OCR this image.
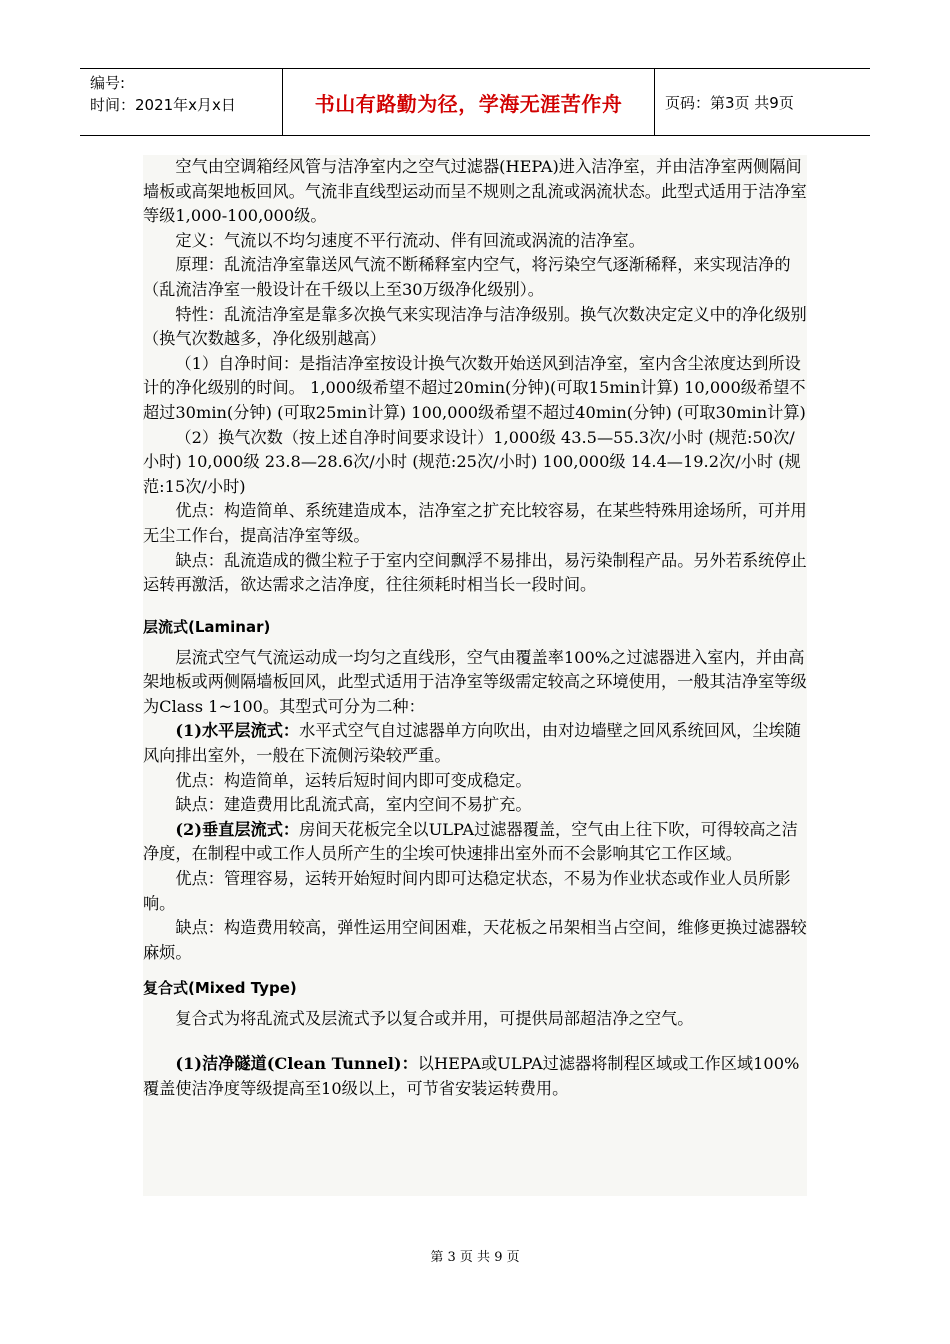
编号:
时间：2021年x月x日	书山有路勤为径，学海无涯苦作舟	页码：第3页 共9页

空气由空调箱经风管与洁净室内之空气过滤器(HEPA)进入洁净室，并由洁净室两侧隔间墙板或高架地板回风。气流非直线型运动而呈不规则之乱流或涡流状态。此型式适用于洁净室等级1,000-100,000级。

定义：气流以不均匀速度不平行流动、伴有回流或涡流的洁净室。

原理：乱流洁净室靠送风气流不断稀释室内空气，将污染空气逐渐稀释，来实现洁净的（乱流洁净室一般设计在千级以上至30万级净化级别）。

特性：乱流洁净室是靠多次换气来实现洁净与洁净级别。换气次数决定定义中的净化级别（换气次数越多，净化级别越高）

（1）自净时间：是指洁净室按设计换气次数开始送风到洁净室，室内含尘浓度达到所设计的净化级别的时间。 1,000级希望不超过20min(分钟)(可取15min计算) 10,000级希望不超过30min(分钟) (可取25min计算) 100,000级希望不超过40min(分钟) (可取30min计算)

（2）换气次数（按上述自净时间要求设计）1,000级 43.5—55.3次/小时 (规范:50次/小时) 10,000级 23.8—28.6次/小时 (规范:25次/小时) 100,000级 14.4—19.2次/小时 (规范:15次/小时)

优点：构造简单、系统建造成本，洁净室之扩充比较容易，在某些特殊用途场所，可并用无尘工作台，提高洁净室等级。

缺点：乱流造成的微尘粒子于室内空间飘浮不易排出，易污染制程产品。另外若系统停止运转再激活，欲达需求之洁净度，往往须耗时相当长一段时间。

层流式(Laminar)

层流式空气气流运动成一均匀之直线形，空气由覆盖率100%之过滤器进入室内，并由高架地板或两侧隔墙板回风，此型式适用于洁净室等级需定较高之环境使用，一般其洁净室等级为Class 1~100。其型式可分为二种：

(1)水平层流式：水平式空气自过滤器单方向吹出，由对边墙壁之回风系统回风，尘埃随风向排出室外，一般在下流侧污染较严重。

优点：构造简单，运转后短时间内即可变成稳定。

缺点：建造费用比乱流式高，室内空间不易扩充。

(2)垂直层流式：房间天花板完全以ULPA过滤器覆盖，空气由上往下吹，可得较高之洁净度，在制程中或工作人员所产生的尘埃可快速排出室外而不会影响其它工作区域。

优点：管理容易，运转开始短时间内即可达稳定状态，不易为作业状态或作业人员所影响。

缺点：构造费用较高，弹性运用空间困难，天花板之吊架相当占空间，维修更换过滤器较麻烦。

复合式(Mixed Type)

复合式为将乱流式及层流式予以复合或并用，可提供局部超洁净之空气。

(1)洁净隧道(Clean Tunnel)：以HEPA或ULPA过滤器将制程区域或工作区域100%覆盖使洁净度等级提高至10级以上，可节省安装运转费用。

第 3 页 共 9 页
